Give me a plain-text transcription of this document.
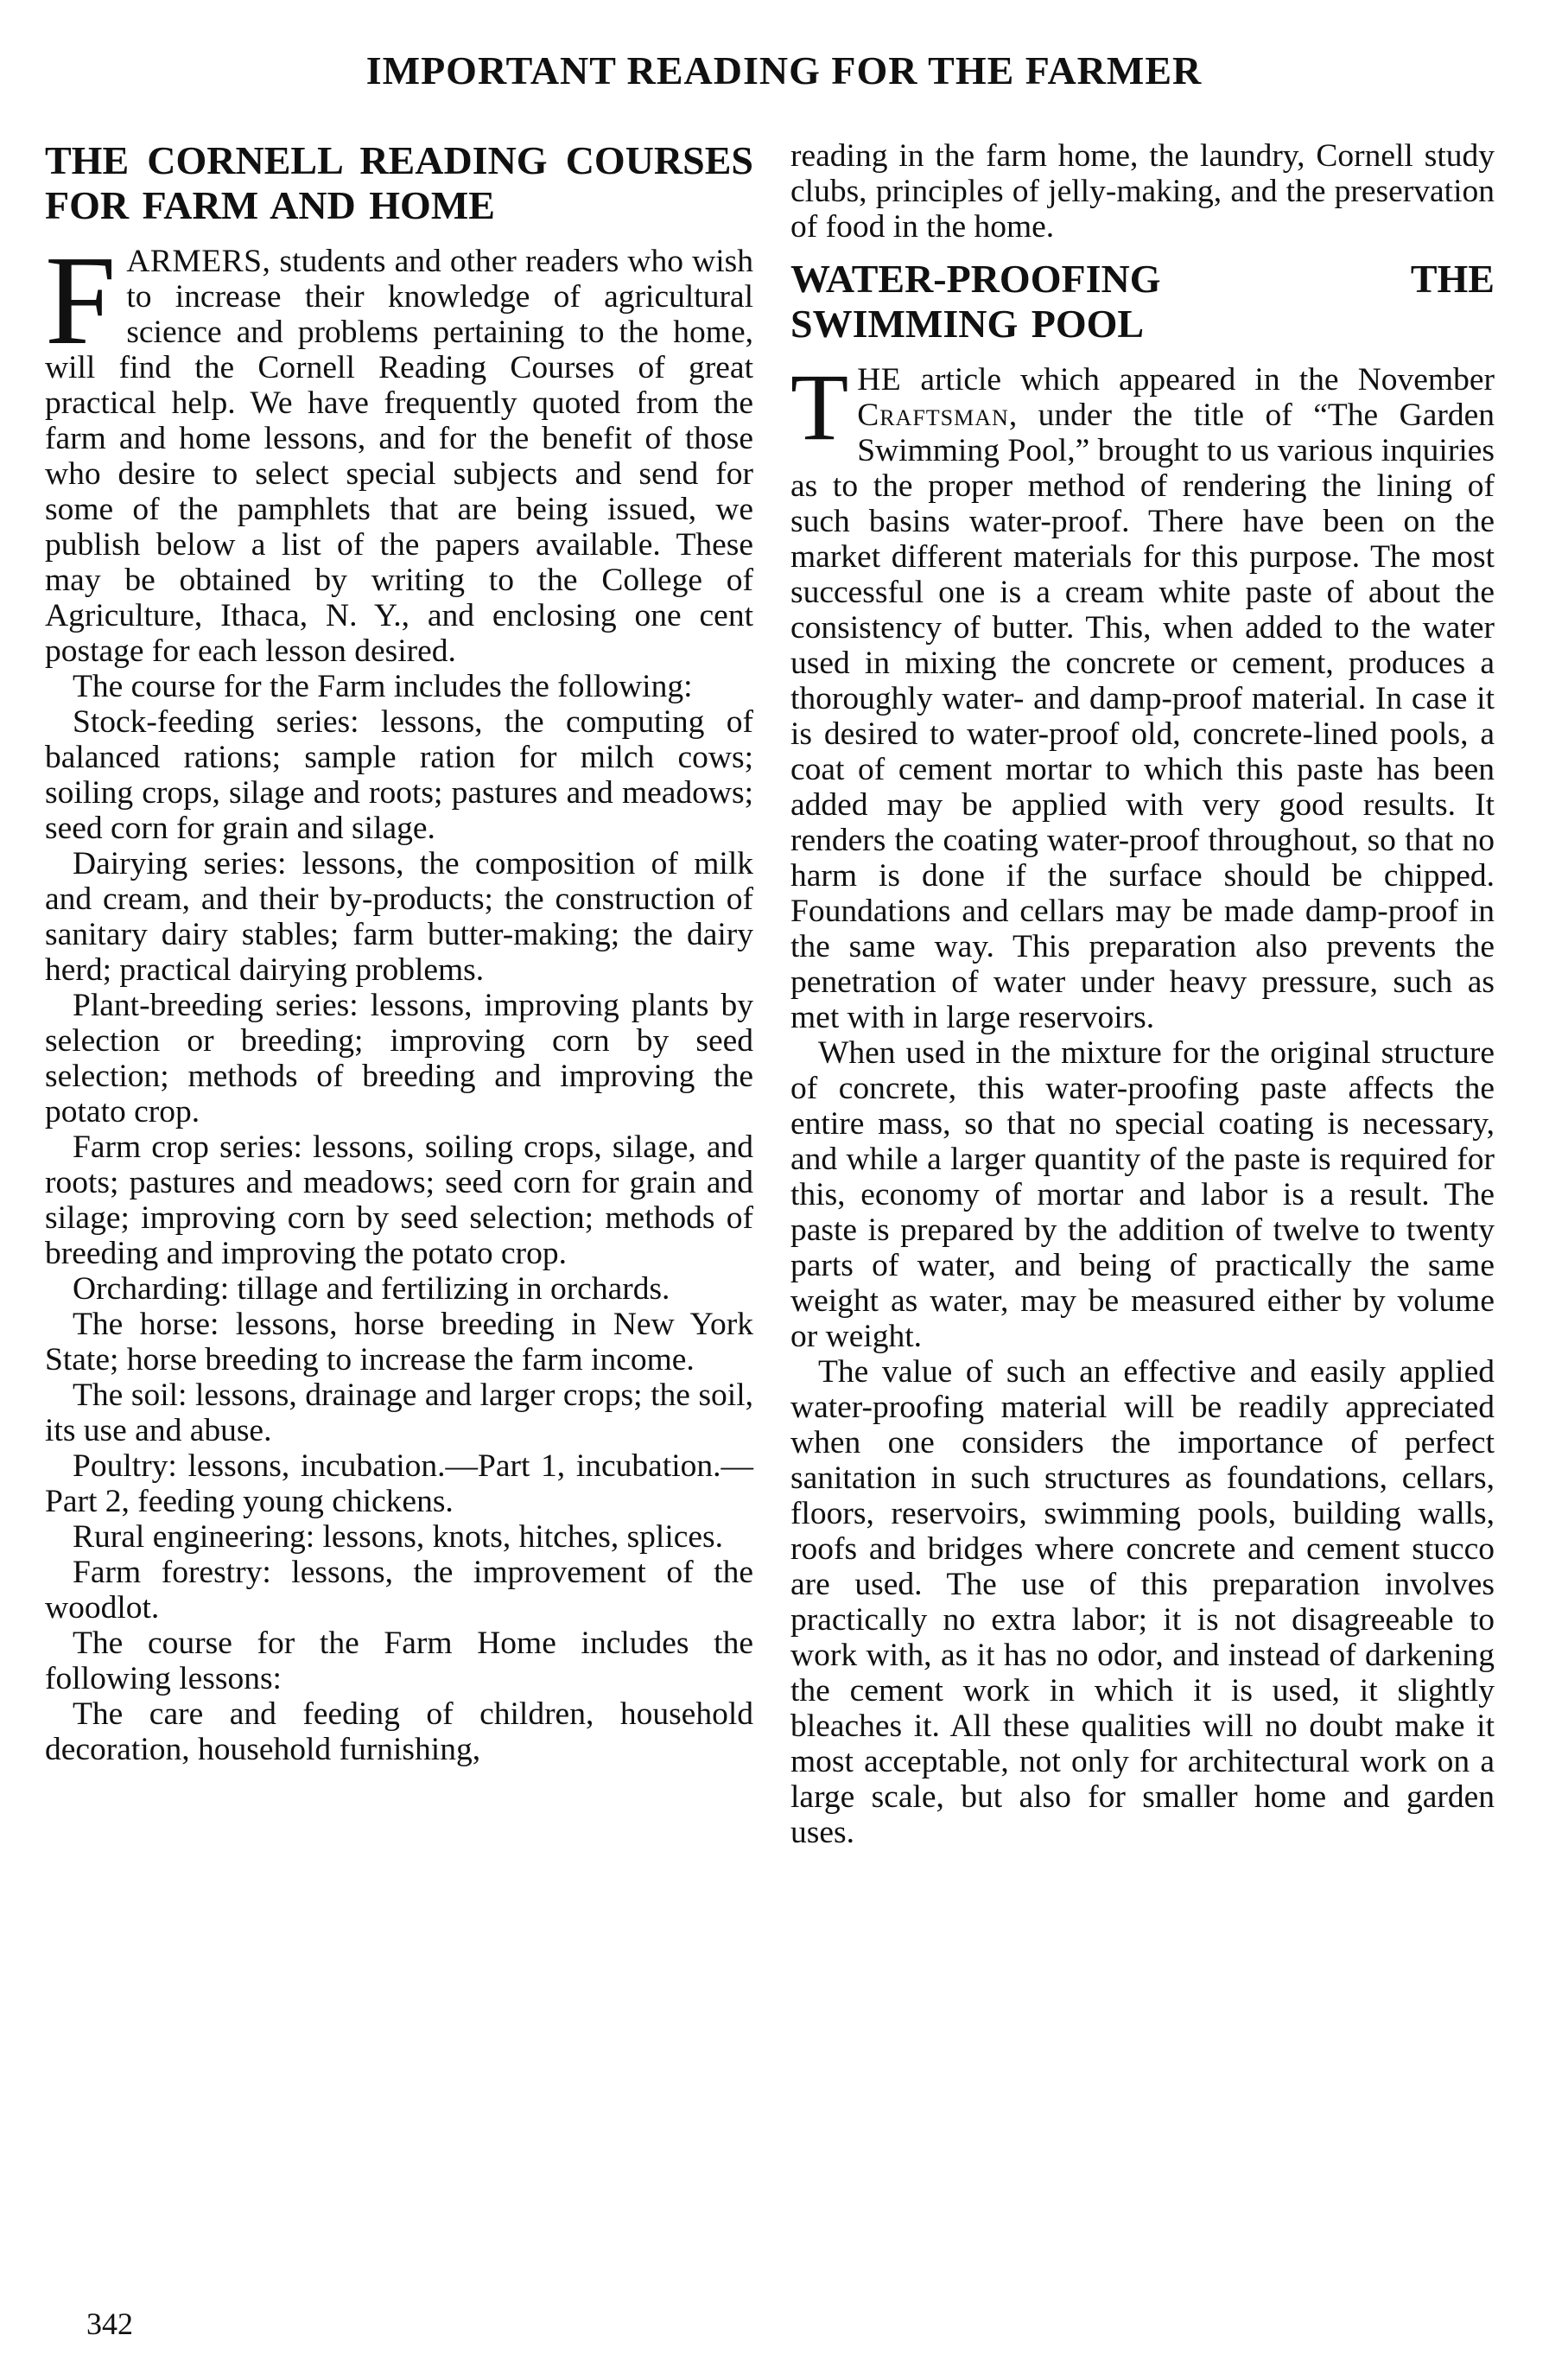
IMPORTANT READING FOR THE FARMER
THE CORNELL READING COURSES FOR FARM AND HOME

FARMERS, students and other readers who wish to increase their knowledge of agricultural science and problems pertaining to the home, will find the Cornell Reading Courses of great practical help. We have frequently quoted from the farm and home lessons, and for the benefit of those who desire to select special subjects and send for some of the pamphlets that are being issued, we publish below a list of the papers available. These may be obtained by writing to the College of Agriculture, Ithaca, N. Y., and enclosing one cent postage for each lesson desired.

The course for the Farm includes the following:

Stock-feeding series: lessons, the computing of balanced rations; sample ration for milch cows; soiling crops, silage and roots; pastures and meadows; seed corn for grain and silage.

Dairying series: lessons, the composition of milk and cream, and their by-products; the construction of sanitary dairy stables; farm butter-making; the dairy herd; practical dairying problems.

Plant-breeding series: lessons, improving plants by selection or breeding; improving corn by seed selection; methods of breeding and improving the potato crop.

Farm crop series: lessons, soiling crops, silage, and roots; pastures and meadows; seed corn for grain and silage; improving corn by seed selection; methods of breeding and improving the potato crop.

Orcharding: tillage and fertilizing in orchards.

The horse: lessons, horse breeding in New York State; horse breeding to increase the farm income.

The soil: lessons, drainage and larger crops; the soil, its use and abuse.

Poultry: lessons, incubation.—Part 1, incubation.—Part 2, feeding young chickens.

Rural engineering: lessons, knots, hitches, splices.

Farm forestry: lessons, the improvement of the woodlot.

The course for the Farm Home includes the following lessons:

The care and feeding of children, household decoration, household furnishing,

reading in the farm home, the laundry, Cornell study clubs, principles of jelly-making, and the preservation of food in the home.

WATER-PROOFING THE SWIMMING POOL

THE article which appeared in the November Craftsman, under the title of “The Garden Swimming Pool,” brought to us various inquiries as to the proper method of rendering the lining of such basins water-proof. There have been on the market different materials for this purpose. The most successful one is a cream white paste of about the consistency of butter. This, when added to the water used in mixing the concrete or cement, produces a thoroughly water- and damp-proof material. In case it is desired to water-proof old, concrete-lined pools, a coat of cement mortar to which this paste has been added may be applied with very good results. It renders the coating water-proof throughout, so that no harm is done if the surface should be chipped. Foundations and cellars may be made damp-proof in the same way. This preparation also prevents the penetration of water under heavy pressure, such as met with in large reservoirs.

When used in the mixture for the original structure of concrete, this water-proofing paste affects the entire mass, so that no special coating is necessary, and while a larger quantity of the paste is required for this, economy of mortar and labor is a result. The paste is prepared by the addition of twelve to twenty parts of water, and being of practically the same weight as water, may be measured either by volume or weight.

The value of such an effective and easily applied water-proofing material will be readily appreciated when one considers the importance of perfect sanitation in such structures as foundations, cellars, floors, reservoirs, swimming pools, building walls, roofs and bridges where concrete and cement stucco are used. The use of this preparation involves practically no extra labor; it is not disagreeable to work with, as it has no odor, and instead of darkening the cement work in which it is used, it slightly bleaches it. All these qualities will no doubt make it most acceptable, not only for architectural work on a large scale, but also for smaller home and garden uses.

342
